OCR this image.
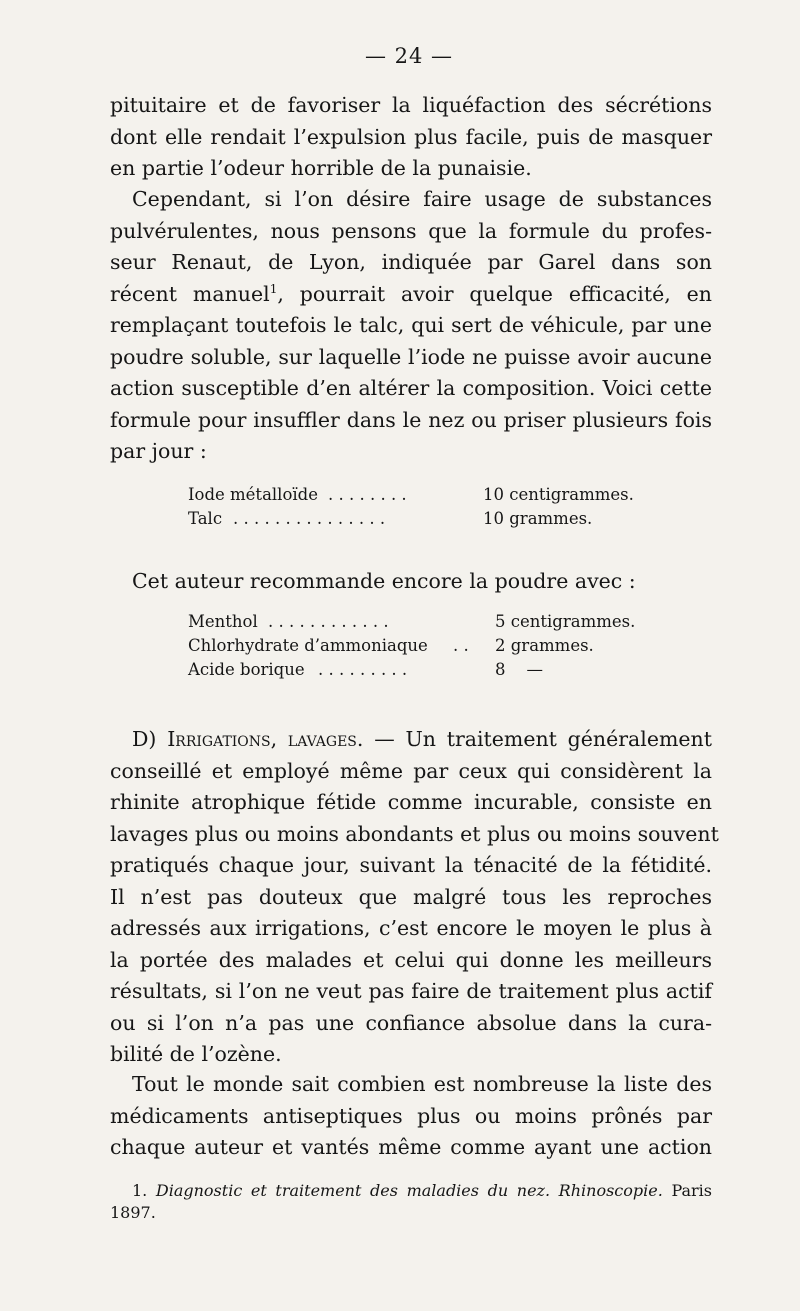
— 24 —
pituitaire et de favoriser la liquéfaction des sécrétions
dont elle rendait l’expulsion plus facile, puis de masquer
en partie l’odeur horrible de la punaisie.
Cependant, si l’on désire faire usage de substances
pulvérulentes, nous pensons que la formule du profes-
seur Renaut, de Lyon, indiquée par Garel dans son
récent manuel$^1$, pourrait avoir quelque efficacité, en
remplaçant toutefois le talc, qui sert de véhicule, par une
poudre soluble, sur laquelle l’iode ne puisse avoir aucune
action susceptible d’en altérer la composition. Voici cette
formule pour insuffler dans le nez ou priser plusieurs fois
par jour :
Iode métalloïde . . . . . . . .	10 centigrammes.
Talc . . . . . . . . . . . . . . .	10 grammes.
Cet auteur recommande encore la poudre avec :
Menthol . . . . . . . . . . . .	5 centigrammes.
Chlorhydrate d’ammoniaque	. .	2 grammes.
Acide borique . . . . . . . . .	8    —
D) Irrigations, lavages. — Un traitement généralement
conseillé et employé même par ceux qui considèrent la
rhinite atrophique fétide comme incurable, consiste en
lavages plus ou moins abondants et plus ou moins souvent
pratiqués chaque jour, suivant la ténacité de la fétidité.
Il n’est pas douteux que malgré tous les reproches
adressés aux irrigations, c’est encore le moyen le plus à
la portée des malades et celui qui donne les meilleurs
résultats, si l’on ne veut pas faire de traitement plus actif
ou si l’on n’a pas une confiance absolue dans la cura-
bilité de l’ozène.
Tout le monde sait combien est nombreuse la liste des
médicaments antiseptiques plus ou moins prônés par
chaque auteur et vantés même comme ayant une action
1. Diagnostic et traitement des maladies du nez. Rhinoscopie. Paris
1897.
